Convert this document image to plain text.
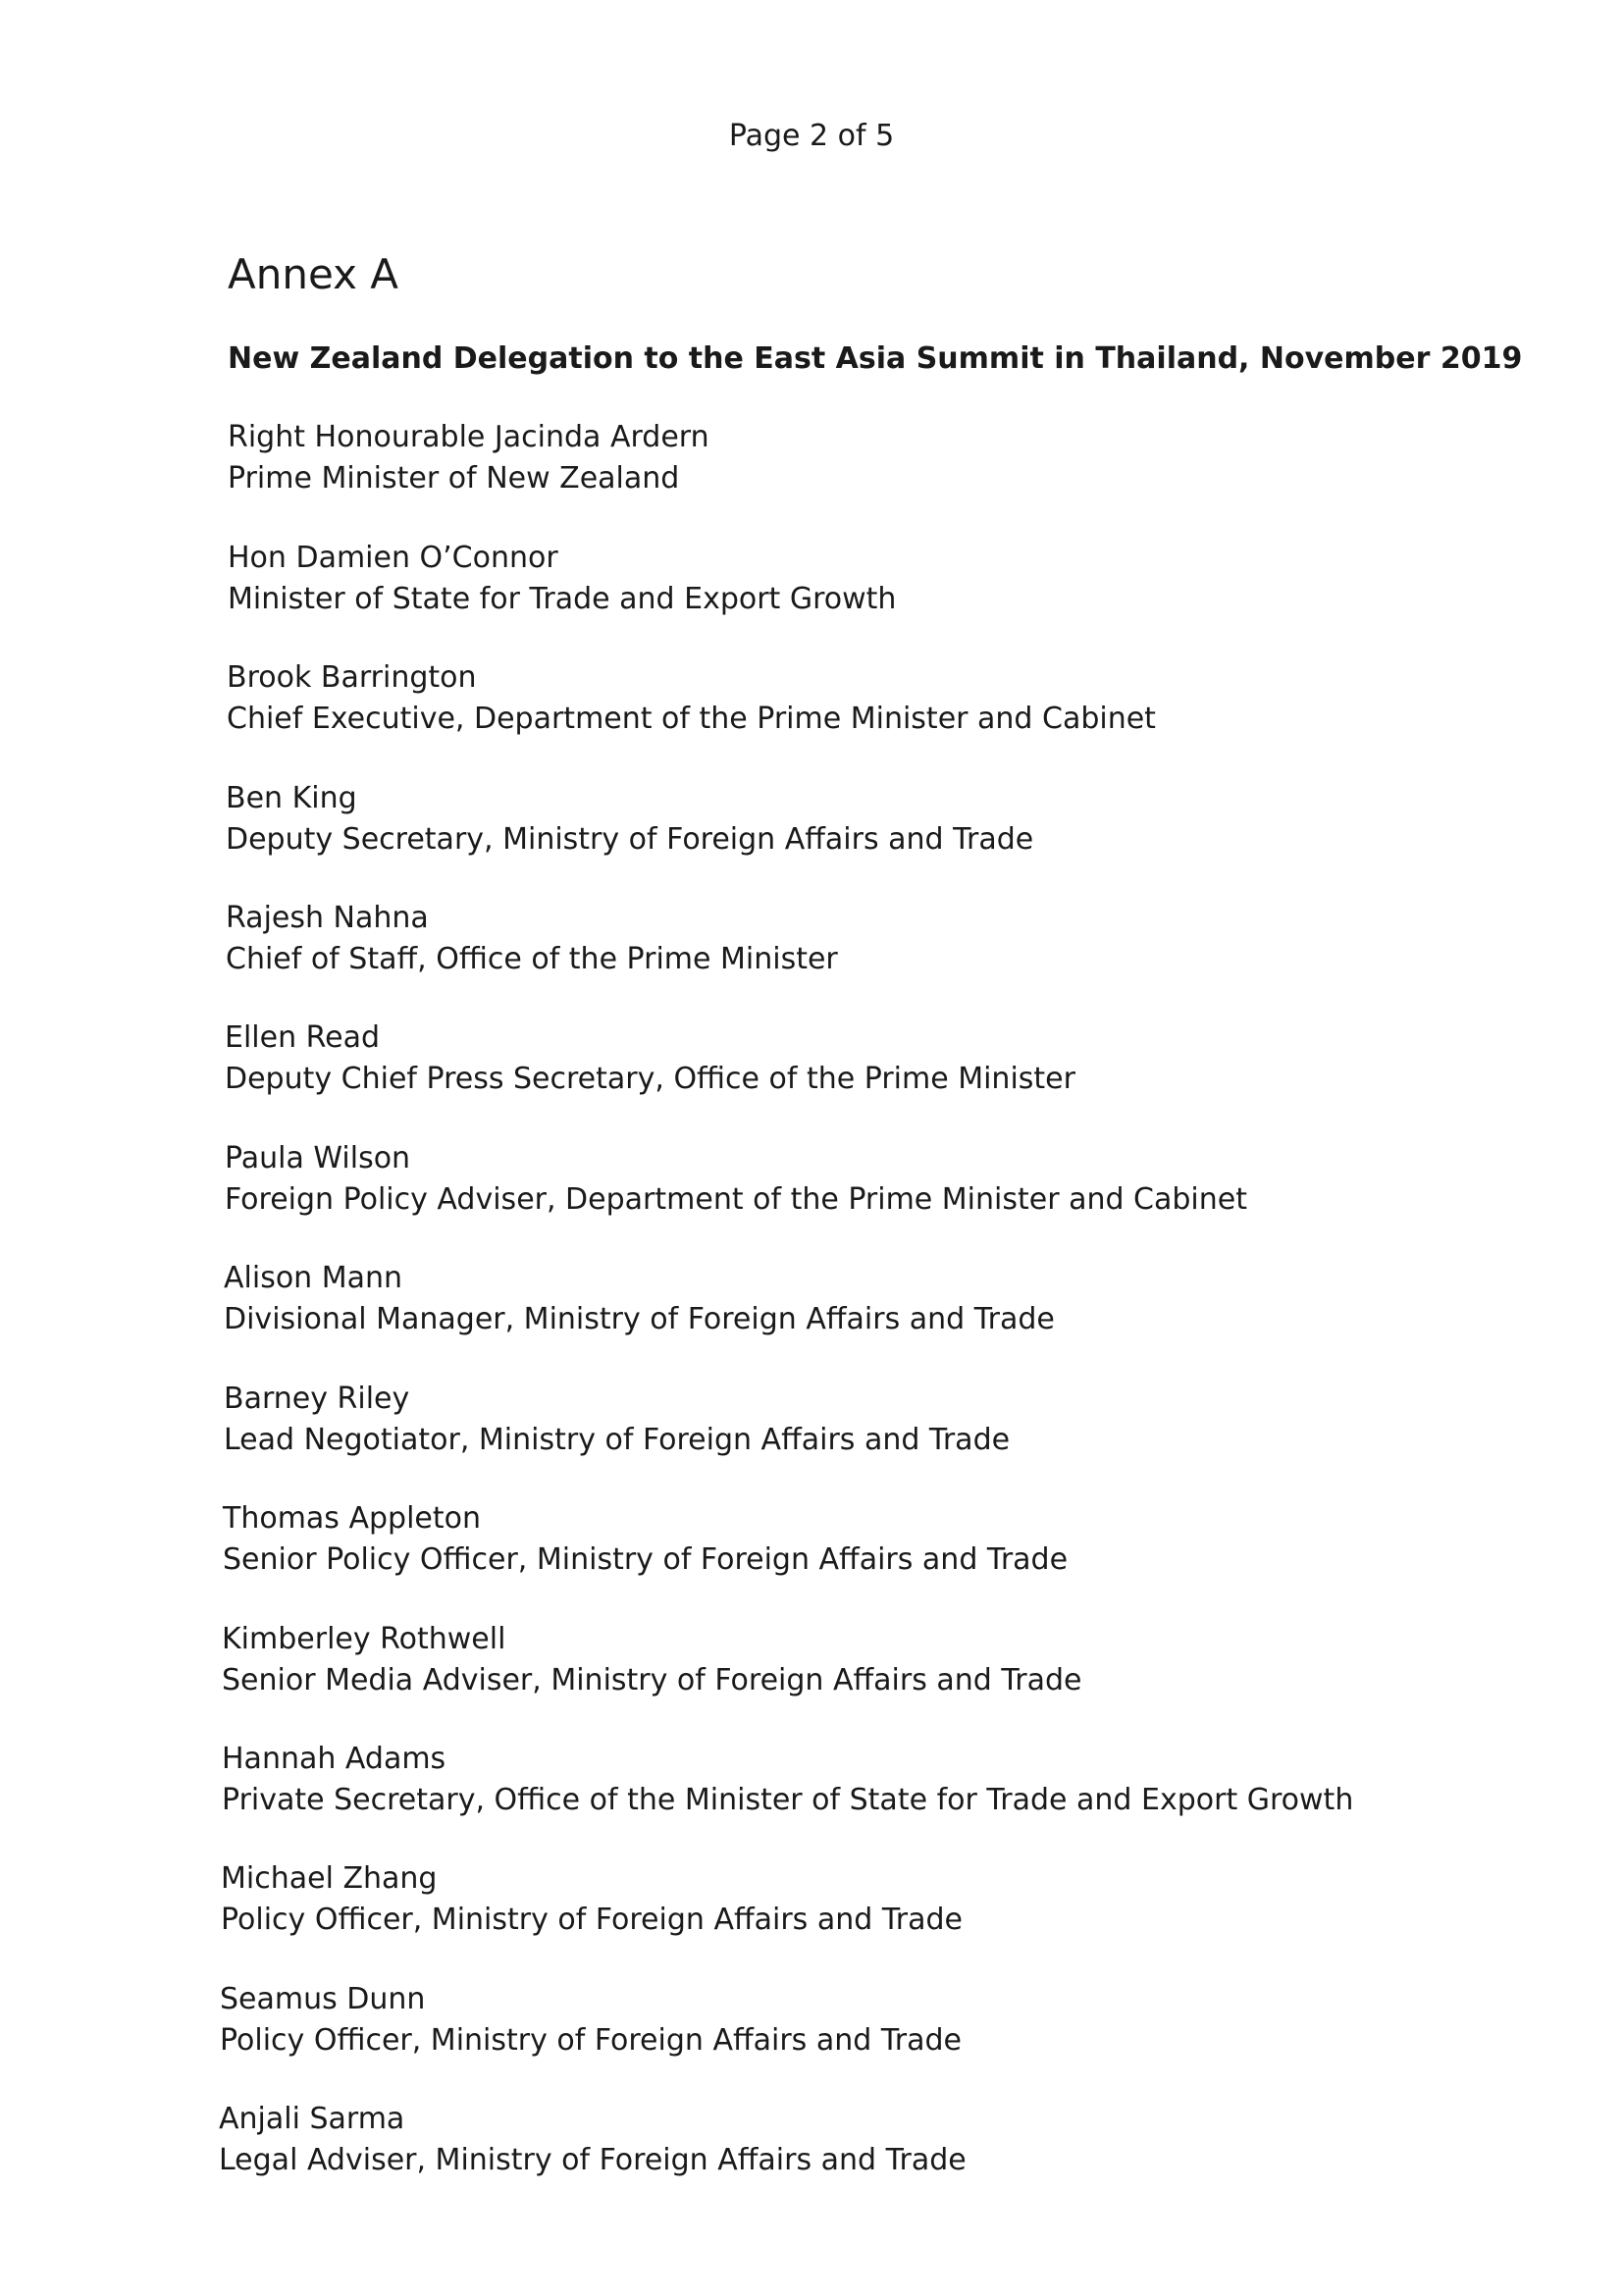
Page 2 of 5
Annex A
New Zealand Delegation to the East Asia Summit in Thailand, November 2019
Right Honourable Jacinda Ardern
Prime Minister of New Zealand
Hon Damien O’Connor
Minister of State for Trade and Export Growth
Brook Barrington
Chief Executive, Department of the Prime Minister and Cabinet
Ben King
Deputy Secretary, Ministry of Foreign Affairs and Trade
Rajesh Nahna
Chief of Staff, Office of the Prime Minister
Ellen Read
Deputy Chief Press Secretary, Office of the Prime Minister
Paula Wilson
Foreign Policy Adviser, Department of the Prime Minister and Cabinet
Alison Mann
Divisional Manager, Ministry of Foreign Affairs and Trade
Barney Riley
Lead Negotiator, Ministry of Foreign Affairs and Trade
Thomas Appleton
Senior Policy Officer, Ministry of Foreign Affairs and Trade
Kimberley Rothwell
Senior Media Adviser, Ministry of Foreign Affairs and Trade
Hannah Adams
Private Secretary, Office of the Minister of State for Trade and Export Growth
Michael Zhang
Policy Officer, Ministry of Foreign Affairs and Trade
Seamus Dunn
Policy Officer, Ministry of Foreign Affairs and Trade
Anjali Sarma
Legal Adviser, Ministry of Foreign Affairs and Trade
